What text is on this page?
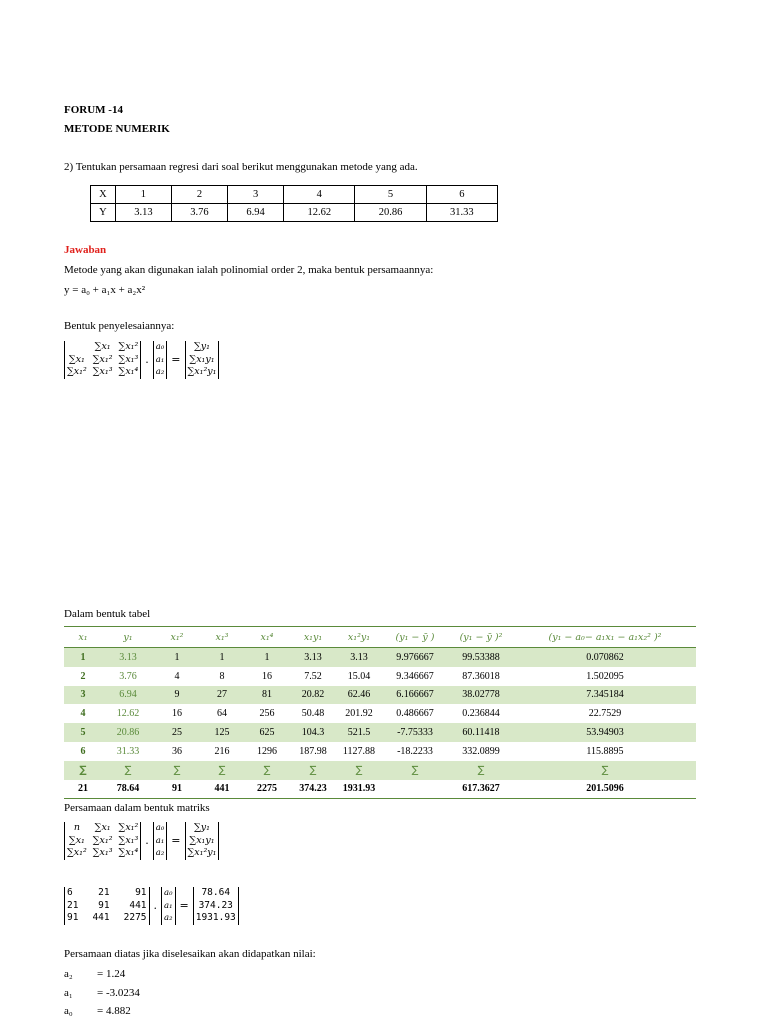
FORUM -14
METODE NUMERIK
2) Tentukan persamaan regresi dari soal berikut menggunakan metode yang ada.
X	1	2	3	4	5	6
Y	3.13	3.76	6.94	12.62	20.86	31.33
Jawaban
Metode yang akan digunakan ialah polinomial order 2, maka bentuk persamaannya:
y = a₀ + a₁x + a₂x²
Bentuk penyelesaiannya:
∑x₁ ∑x₁²
∑x₁ ∑x₁² ∑x₁³
∑x₁² ∑x₁³ ∑x₁⁴
.
a₀
a₁
a₂
=
∑y₁
∑x₁y₁
∑x₁²y₁
Dalam bentuk tabel
x₁	y₁	x₁²	x₁³	x₁⁴	x₁y₁	x₁²y₁	(y₁ − ȳ )	(y₁ − ȳ )²	(y₁ − a₀− a₁x₁ − a₁x₂² )²
1	3.13	1	1	1	3.13	3.13	9.976667	99.53388	0.070862
2	3.76	4	8	16	7.52	15.04	9.346667	87.36018	1.502095
3	6.94	9	27	81	20.82	62.46	6.166667	38.02778	7.345184
4	12.62	16	64	256	50.48	201.92	0.486667	0.236844	22.7529
5	20.86	25	125	625	104.3	521.5	-7.75333	60.11418	53.94903
6	31.33	36	216	1296	187.98	1127.88	-18.2233	332.0899	115.8895
∑	∑	∑	∑	∑	∑	∑	∑	∑	∑
21	78.64	91	441	2275	374.23	1931.93		617.3627	201.5096
Persamaan dalam bentuk matriks
n	∑x₁ ∑x₁²
∑x₁ ∑x₁² ∑x₁³
∑x₁² ∑x₁³ ∑x₁⁴
.
a₀
a₁
a₂
=
∑y₁
∑x₁y₁
∑x₁²y₁
6	21	91
21	91	441
91 441 2275
.
a₀
a₁
a₂
=
78.64
374.23
1931.93
Persamaan diatas jika diselesaikan akan didapatkan nilai:
a₂ = 1.24
a₁ = -3.0234
a₀ = 4.882
